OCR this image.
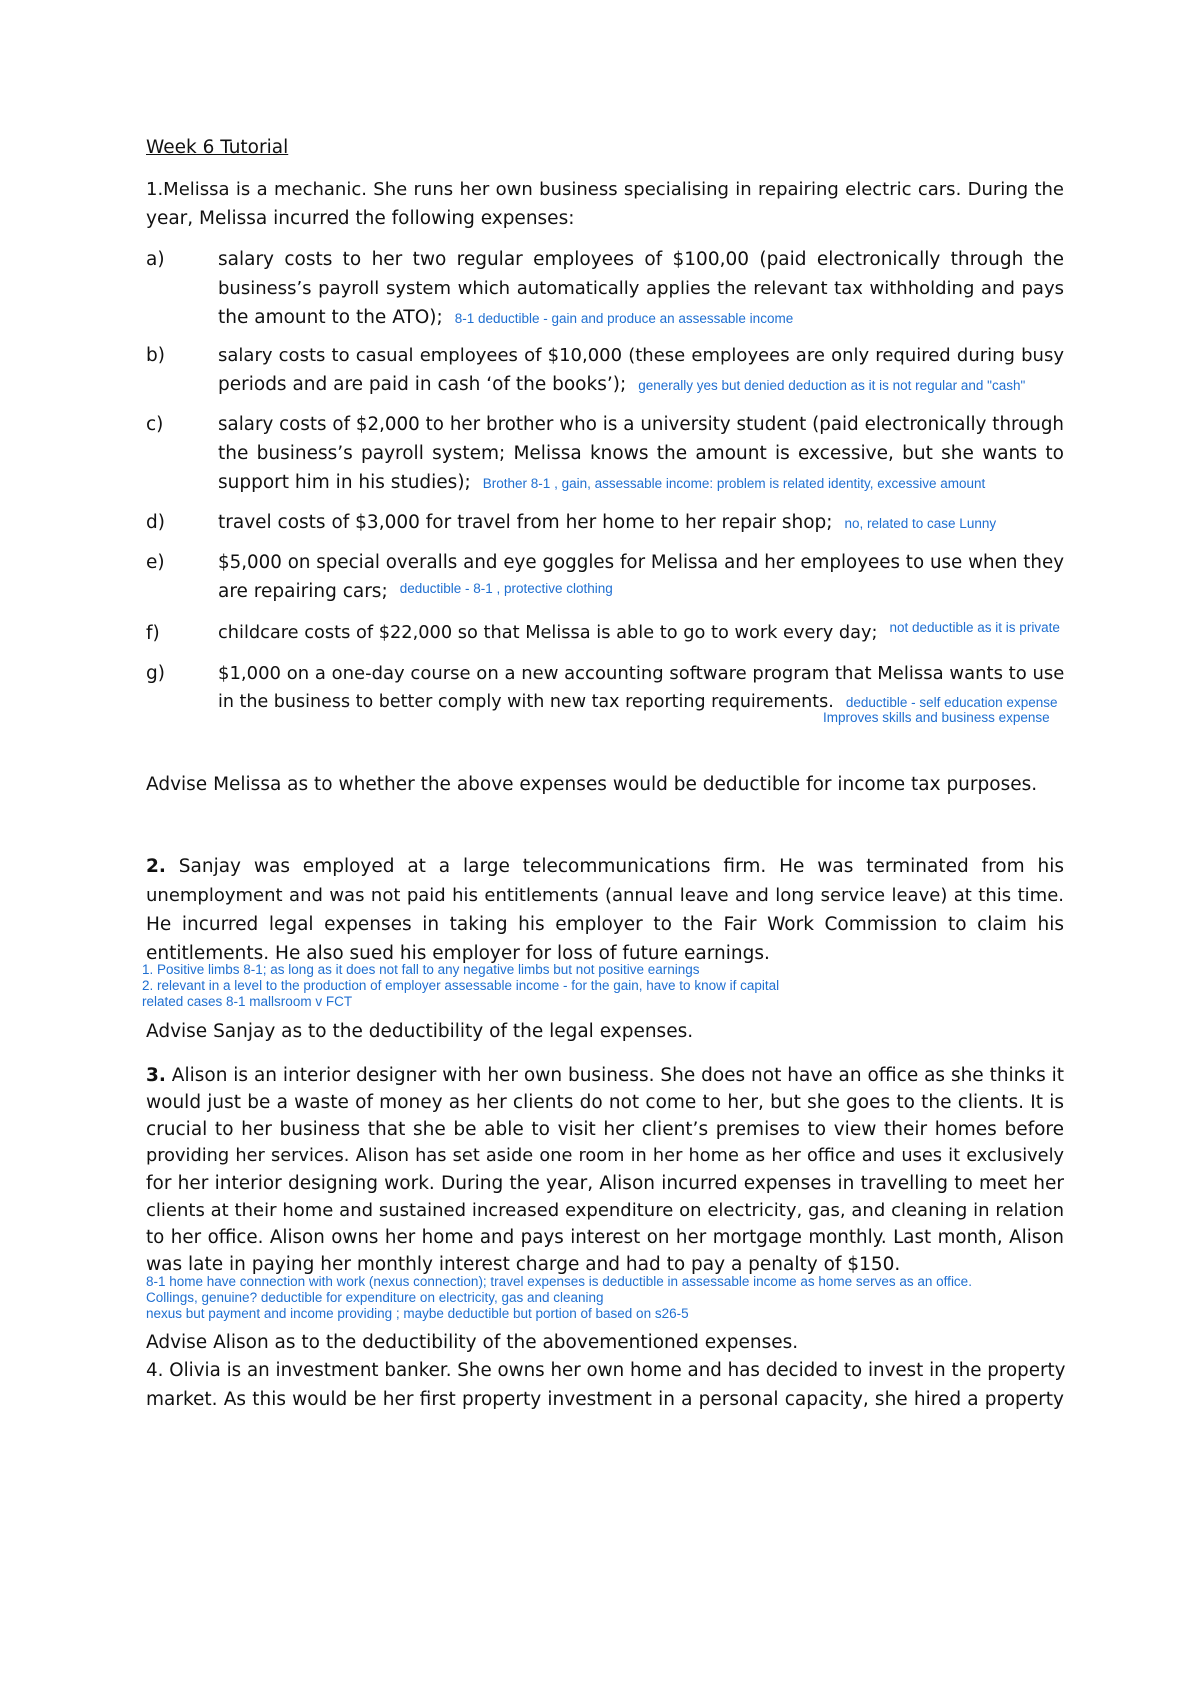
Week 6 Tutorial
1.Melissa is a mechanic. She runs her own business specialising in repairing electric cars. During the
year, Melissa incurred the following expenses:
a)	salary costs to her two regular employees of $100,00 (paid electronically through the
business’s payroll system which automatically applies the relevant tax withholding and pays
the amount to the ATO); 8-1 deductible - gain and produce an assessable income
b)	salary costs to casual employees of $10,000 (these employees are only required during busy
periods and are paid in cash ‘of the books’); generally yes but denied deduction as it is not regular and "cash"
c)	salary costs of $2,000 to her brother who is a university student (paid electronically through
the business’s payroll system; Melissa knows the amount is excessive, but she wants to
support him in his studies); Brother 8-1 , gain, assessable income: problem is related identity, excessive amount
d)	travel costs of $3,000 for travel from her home to her repair shop; no, related to case Lunny
e)	$5,000 on special overalls and eye goggles for Melissa and her employees to use when they
are repairing cars; $^{deductible - 8-1 , protective clothing}$
f)	childcare costs of $22,000 so that Melissa is able to go to work every day; $^{not deductible as it is private}$
g)	$1,000 on a one-day course on a new accounting software program that Melissa wants to use
in the business to better comply with new tax reporting requirements. deductible - self education expense
Improves skills and business expense
Advise Melissa as to whether the above expenses would be deductible for income tax purposes.
2. Sanjay was employed at a large telecommunications firm. He was terminated from his
unemployment and was not paid his entitlements (annual leave and long service leave) at this time.
He incurred legal expenses in taking his employer to the Fair Work Commission to claim his
entitlements. He also sued his employer for loss of future earnings.
1. Positive limbs 8-1; as long as it does not fall to any negative limbs but not positive earnings
2. relevant in a level to the production of employer assessable income - for the gain, have to know if capital
related cases 8-1 mallsroom v FCT
Advise Sanjay as to the deductibility of the legal expenses.
3. Alison is an interior designer with her own business. She does not have an office as she thinks it
would just be a waste of money as her clients do not come to her, but she goes to the clients. It is
crucial to her business that she be able to visit her client’s premises to view their homes before
providing her services. Alison has set aside one room in her home as her office and uses it exclusively
for her interior designing work. During the year, Alison incurred expenses in travelling to meet her
clients at their home and sustained increased expenditure on electricity, gas, and cleaning in relation
to her office. Alison owns her home and pays interest on her mortgage monthly. Last month, Alison
was late in paying her monthly interest charge and had to pay a penalty of $150.
8-1 home have connection with work (nexus connection); travel expenses is deductible in assessable income as home serves as an office.
Collings, genuine? deductible for expenditure on electricity, gas and cleaning
nexus but payment and income providing ; maybe deductible but portion of based on s26-5
Advise Alison as to the deductibility of the abovementioned expenses.
4. Olivia is an investment banker. She owns her own home and has decided to invest in the property
market. As this would be her first property investment in a personal capacity, she hired a property
